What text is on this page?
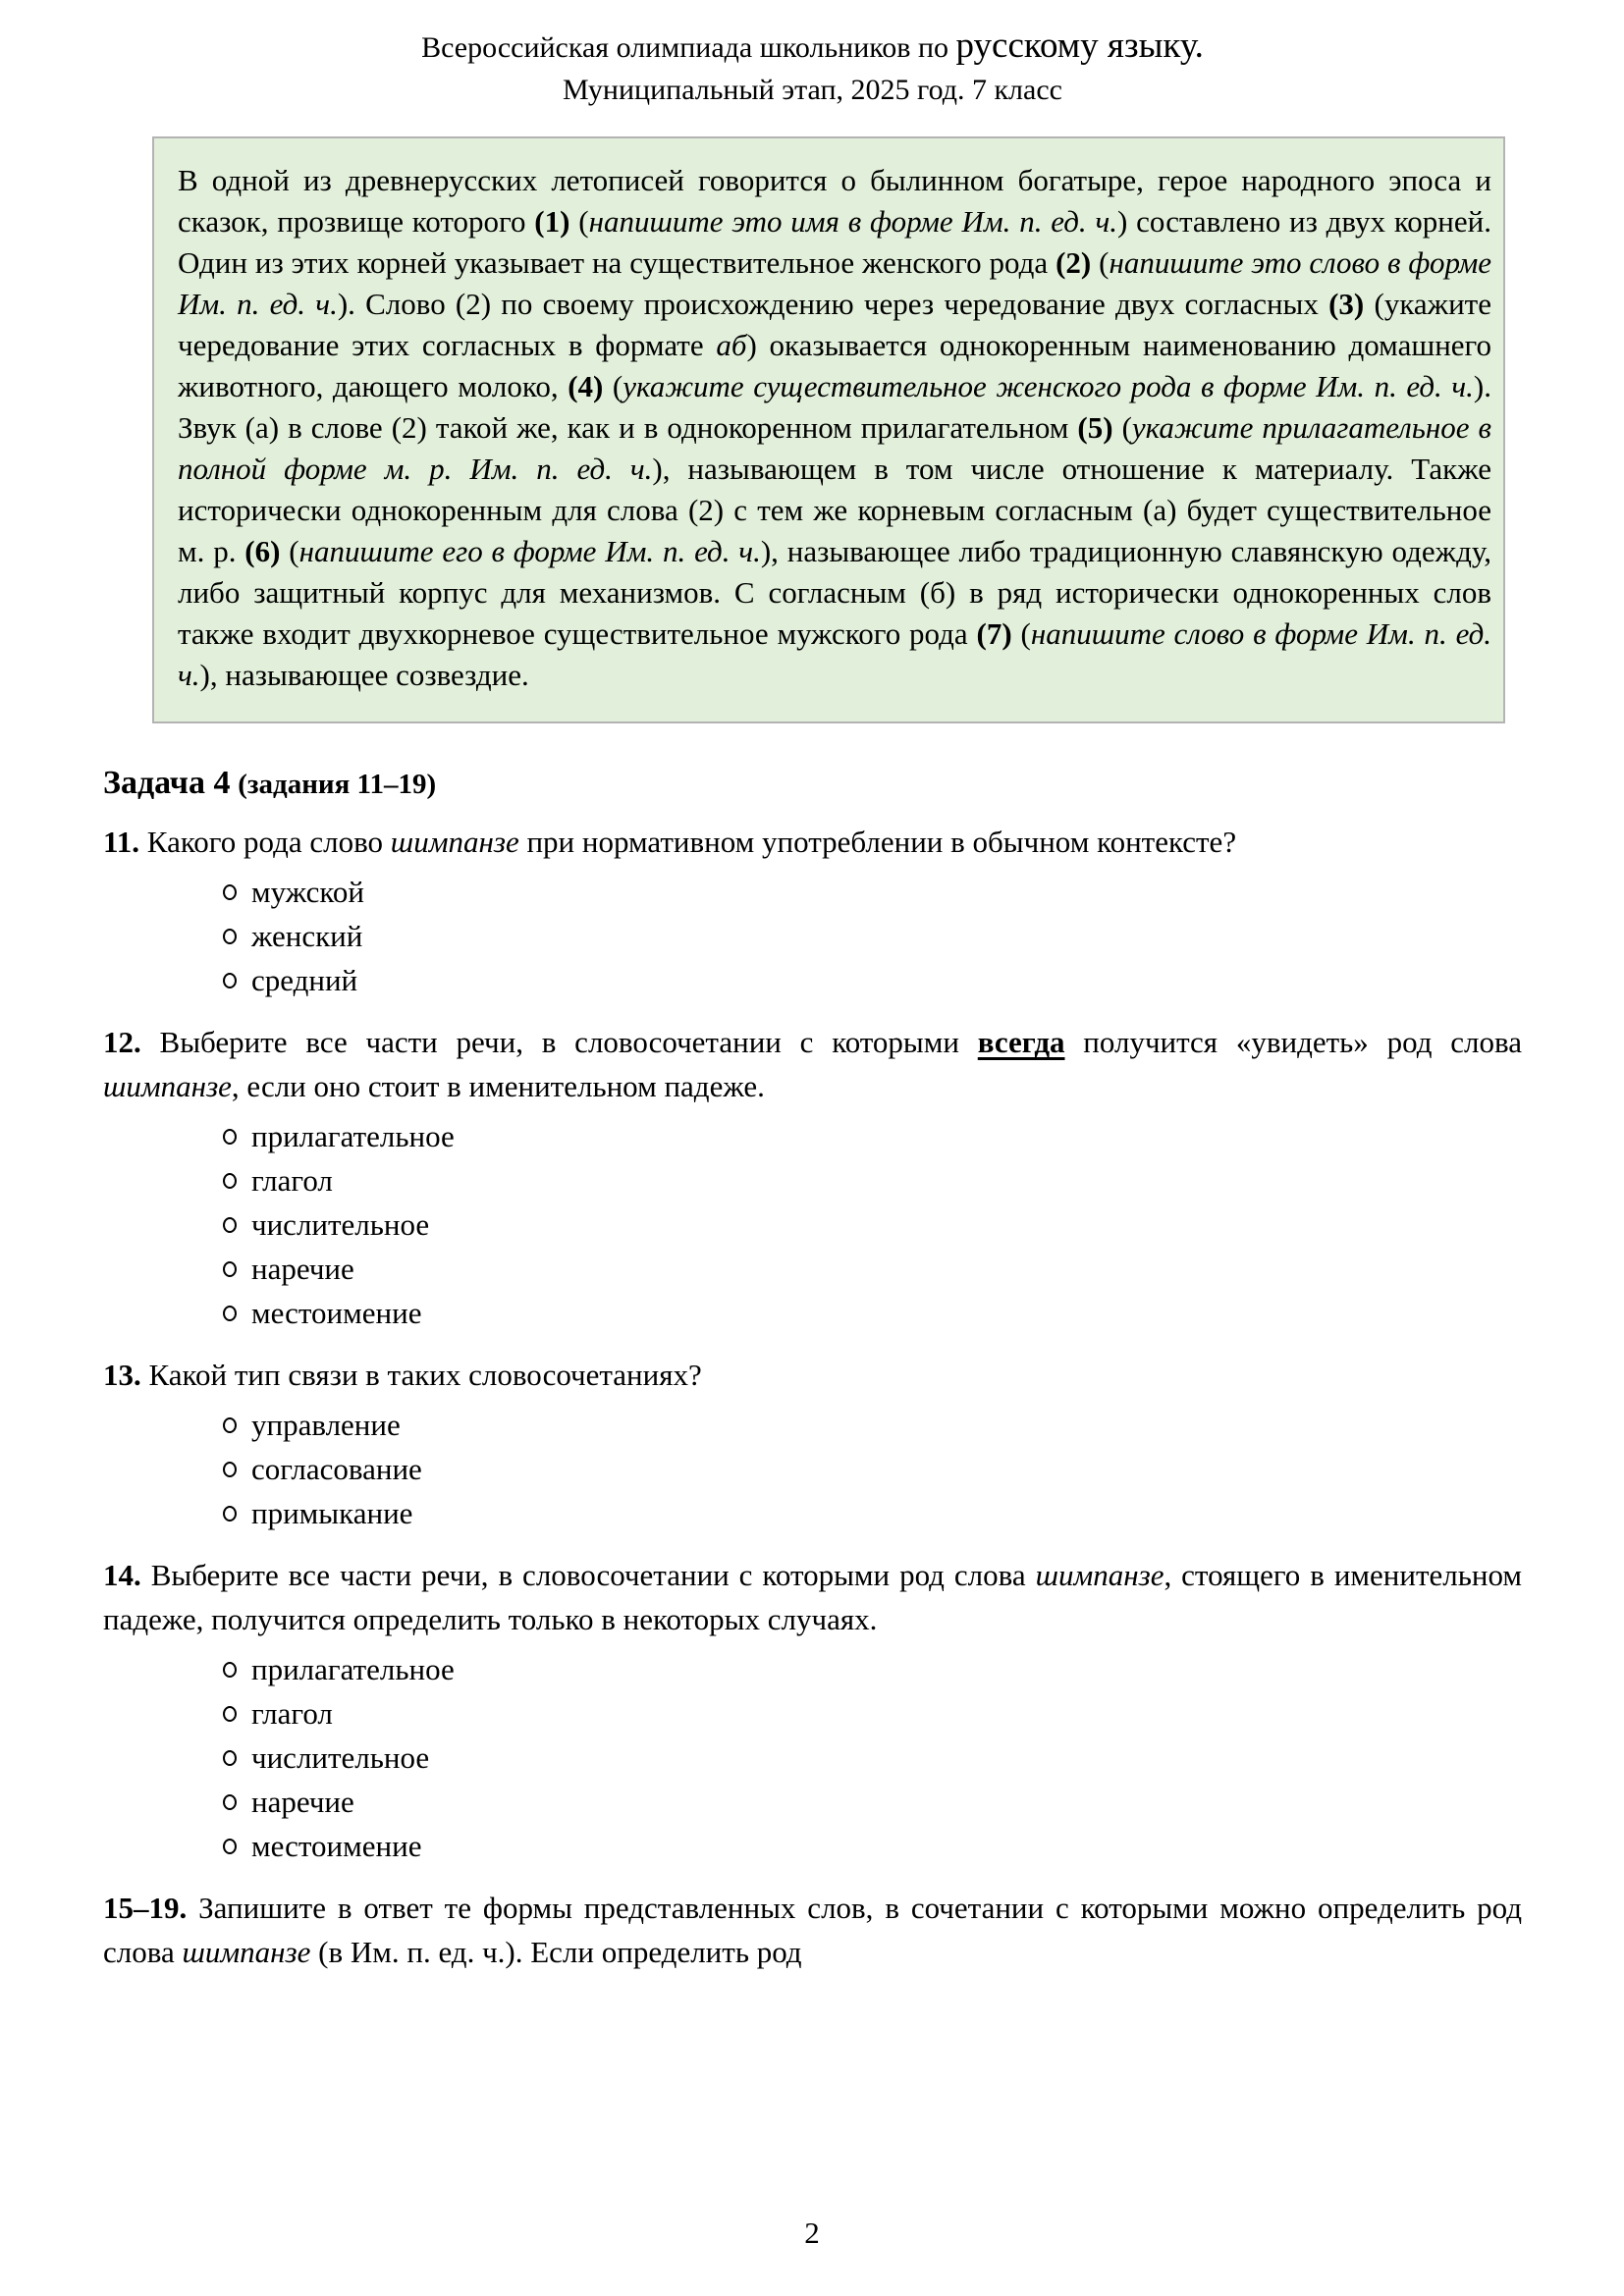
Всероссийская олимпиада школьников по русскому языку.
Муниципальный этап, 2025 год. 7 класс
В одной из древнерусских летописей говорится о былинном богатыре, герое народного эпоса и сказок, прозвище которого (1) (напишите это имя в форме Им. п. ед. ч.) составлено из двух корней. Один из этих корней указывает на существительное женского рода (2) (напишите это слово в форме Им. п. ед. ч.). Слово (2) по своему происхождению через чередование двух согласных (3) (укажите чередование этих согласных в формате аб) оказывается однокоренным наименованию домашнего животного, дающего молоко, (4) (укажите существительное женского рода в форме Им. п. ед. ч.). Звук (а) в слове (2) такой же, как и в однокоренном прилагательном (5) (укажите прилагательное в полной форме м. р. Им. п. ед. ч.), называющем в том числе отношение к материалу. Также исторически однокоренным для слова (2) с тем же корневым согласным (а) будет существительное м. р. (6) (напишите его в форме Им. п. ед. ч.), называющее либо традиционную славянскую одежду, либо защитный корпус для механизмов. С согласным (б) в ряд исторически однокоренных слов также входит двухкорневое существительное мужского рода (7) (напишите слово в форме Им. п. ед. ч.), называющее созвездие.
Задача 4 (задания 11–19)
11. Какого рода слово шимпанзе при нормативном употреблении в обычном контексте?
мужской
женский
средний
12. Выберите все части речи, в словосочетании с которыми всегда получится «увидеть» род слова шимпанзе, если оно стоит в именительном падеже.
прилагательное
глагол
числительное
наречие
местоимение
13. Какой тип связи в таких словосочетаниях?
управление
согласование
примыкание
14. Выберите все части речи, в словосочетании с которыми род слова шимпанзе, стоящего в именительном падеже, получится определить только в некоторых случаях.
прилагательное
глагол
числительное
наречие
местоимение
15–19. Запишите в ответ те формы представленных слов, в сочетании с которыми можно определить род слова шимпанзе (в Им. п. ед. ч.). Если определить род
2
